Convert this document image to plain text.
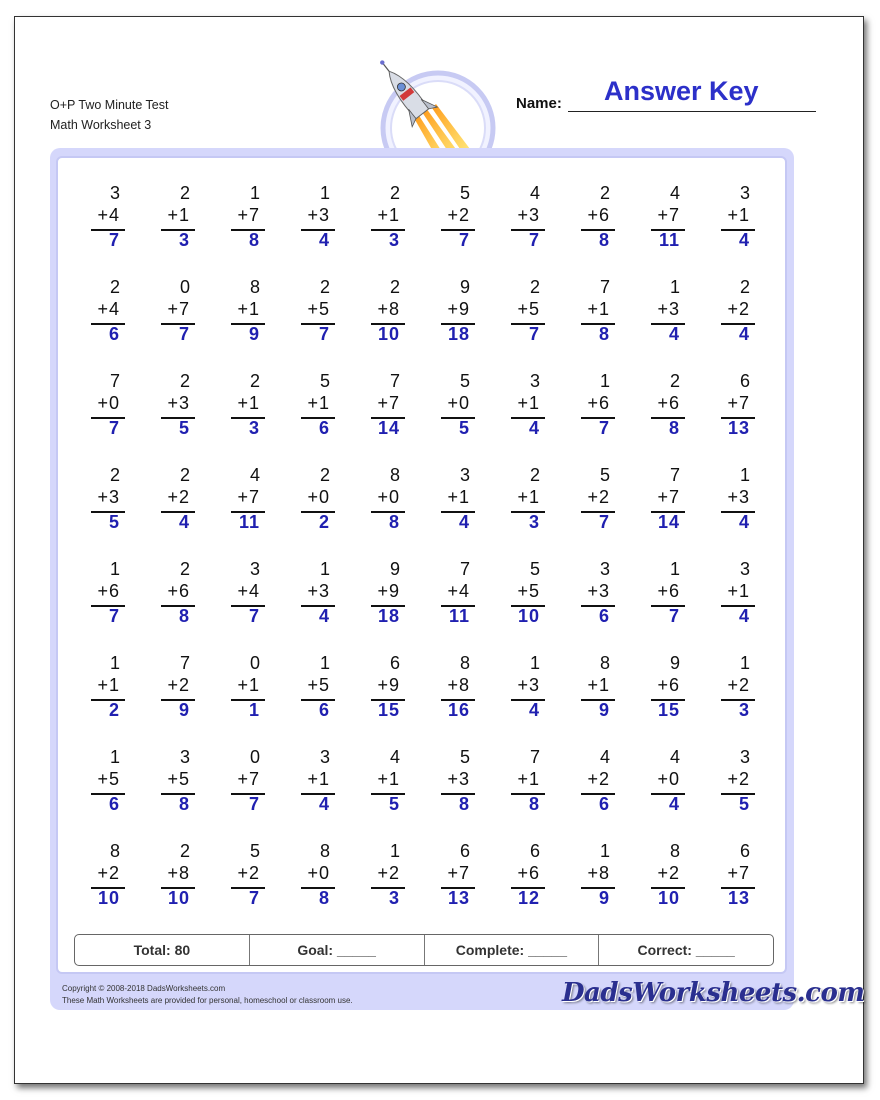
O+P Two Minute Test
Math Worksheet 3
Answer Key
Name:
3
+4
7
2
+1
3
1
+7
8
1
+3
4
2
+1
3
5
+2
7
4
+3
7
2
+6
8
4
+7
11
3
+1
4
2
+4
6
0
+7
7
8
+1
9
2
+5
7
2
+8
10
9
+9
18
2
+5
7
7
+1
8
1
+3
4
2
+2
4
7
+0
7
2
+3
5
2
+1
3
5
+1
6
7
+7
14
5
+0
5
3
+1
4
1
+6
7
2
+6
8
6
+7
13
2
+3
5
2
+2
4
4
+7
11
2
+0
2
8
+0
8
3
+1
4
2
+1
3
5
+2
7
7
+7
14
1
+3
4
1
+6
7
2
+6
8
3
+4
7
1
+3
4
9
+9
18
7
+4
11
5
+5
10
3
+3
6
1
+6
7
3
+1
4
1
+1
2
7
+2
9
0
+1
1
1
+5
6
6
+9
15
8
+8
16
1
+3
4
8
+1
9
9
+6
15
1
+2
3
1
+5
6
3
+5
8
0
+7
7
3
+1
4
4
+1
5
5
+3
8
7
+1
8
4
+2
6
4
+0
4
3
+2
5
8
+2
10
2
+8
10
5
+2
7
8
+0
8
1
+2
3
6
+7
13
6
+6
12
1
+8
9
8
+2
10
6
+7
13
Total: 80	Goal: _____	Complete: _____	Correct: _____
Copyright © 2008-2018 DadsWorksheets.com
These Math Worksheets are provided for personal, homeschool or classroom use.	DadsWorksheets.com
